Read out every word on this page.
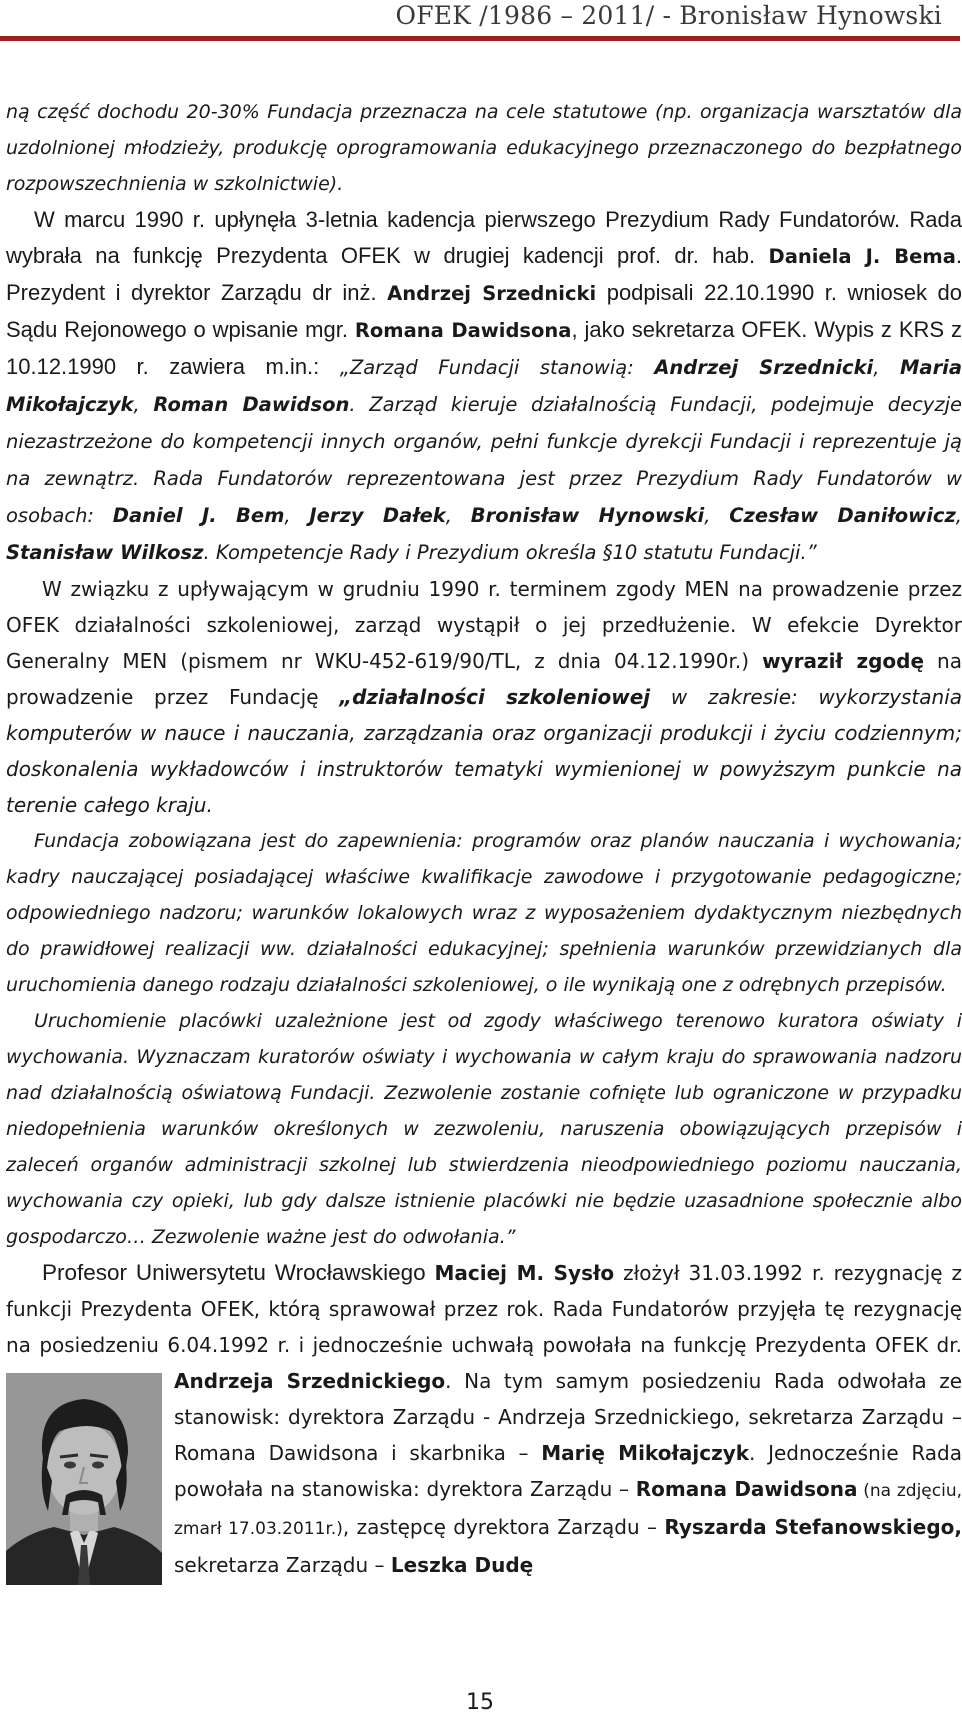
OFEK /1986 – 2011/ - Bronisław Hynowski

ną część dochodu 20-30% Fundacja przeznacza na cele statutowe (np. organizacja warsztatów dla uzdolnionej młodzieży, produkcję oprogramowania edukacyjnego przeznaczonego do bezpłatnego rozpowszechnienia w szkolnictwie).

W marcu 1990 r. upłynęła 3-letnia kadencja pierwszego Prezydium Rady Fundatorów. Rada wybrała na funkcję Prezydenta OFEK w drugiej kadencji prof. dr. hab. Daniela J. Bema. Prezydent i dyrektor Zarządu dr inż. Andrzej Srzednicki podpisali 22.10.1990 r. wniosek do Sądu Rejonowego o wpisanie mgr. Romana Dawidsona, jako sekretarza OFEK. Wypis z KRS z 10.12.1990 r. zawiera m.in.: „Zarząd Fundacji stanowią: Andrzej Srzednicki, Maria Mikołajczyk, Roman Dawidson. Zarząd kieruje działalnością Fundacji, podejmuje decyzje niezastrzeżone do kompetencji innych organów, pełni funkcje dyrekcji Fundacji i reprezentuje ją na zewnątrz. Rada Fundatorów reprezentowana jest przez Prezydium Rady Fundatorów w osobach: Daniel J. Bem, Jerzy Dałek, Bronisław Hynowski, Czesław Daniłowicz, Stanisław Wilkosz. Kompetencje Rady i Prezydium określa §10 statutu Fundacji.”

W związku z upływającym w grudniu 1990 r. terminem zgody MEN na prowadzenie przez OFEK działalności szkoleniowej, zarząd wystąpił o jej przedłużenie. W efekcie Dyrektor Generalny MEN (pismem nr WKU-452-619/90/TL, z dnia 04.12.1990r.) wyraził zgodę na prowadzenie przez Fundację „działalności szkoleniowej w zakresie: wykorzystania komputerów w nauce i nauczania, zarządzania oraz organizacji produkcji i życiu codziennym; doskonalenia wykładowców i instruktorów tematyki wymienionej w powyższym punkcie na terenie całego kraju.

Fundacja zobowiązana jest do zapewnienia: programów oraz planów nauczania i wychowania; kadry nauczającej posiadającej właściwe kwalifikacje zawodowe i przygotowanie pedagogiczne; odpowiedniego nadzoru; warunków lokalowych wraz z wyposażeniem dydaktycznym niezbędnych do prawidłowej realizacji ww. działalności edukacyjnej; spełnienia warunków przewidzianych dla uruchomienia danego rodzaju działalności szkoleniowej, o ile wynikają one z odrębnych przepisów.

Uruchomienie placówki uzależnione jest od zgody właściwego terenowo kuratora oświaty i wychowania. Wyznaczam kuratorów oświaty i wychowania w całym kraju do sprawowania nadzoru nad działalnością oświatową Fundacji. Zezwolenie zostanie cofnięte lub ograniczone w przypadku niedopełnienia warunków określonych w zezwoleniu, naruszenia obowiązujących przepisów i zaleceń organów administracji szkolnej lub stwierdzenia nieodpowiedniego poziomu nauczania, wychowania czy opieki, lub gdy dalsze istnienie placówki nie będzie uzasadnione społecznie albo gospodarczo… Zezwolenie ważne jest do odwołania.”

Profesor Uniwersytetu Wrocławskiego Maciej M. Sysło złożył 31.03.1992 r. rezygnację z funkcji Prezydenta OFEK, którą sprawował przez rok. Rada Fundatorów przyjęła tę rezygnację na posiedzeniu 6.04.1992 r. i jednocześnie uchwałą powołała na funkcję Prezydenta OFEK dr. Andrzeja Srzednickiego
. Na tym samym posiedzeniu Rada odwołała ze stanowisk: dyrektora Zarządu - Andrzeja Srzednickiego, sekretarza Zarządu – Romana Dawidsona i skarbnika – Marię Mikołajczyk. Jednocześnie Rada powołała na stanowiska: dyrektora Zarządu – Romana Dawidsona (na zdjęciu, zmarł 17.03.2011r.), zastępcę dyrektora Zarządu – Ryszarda Stefanowskiego, sekretarza Zarządu – Leszka Dudę

15
